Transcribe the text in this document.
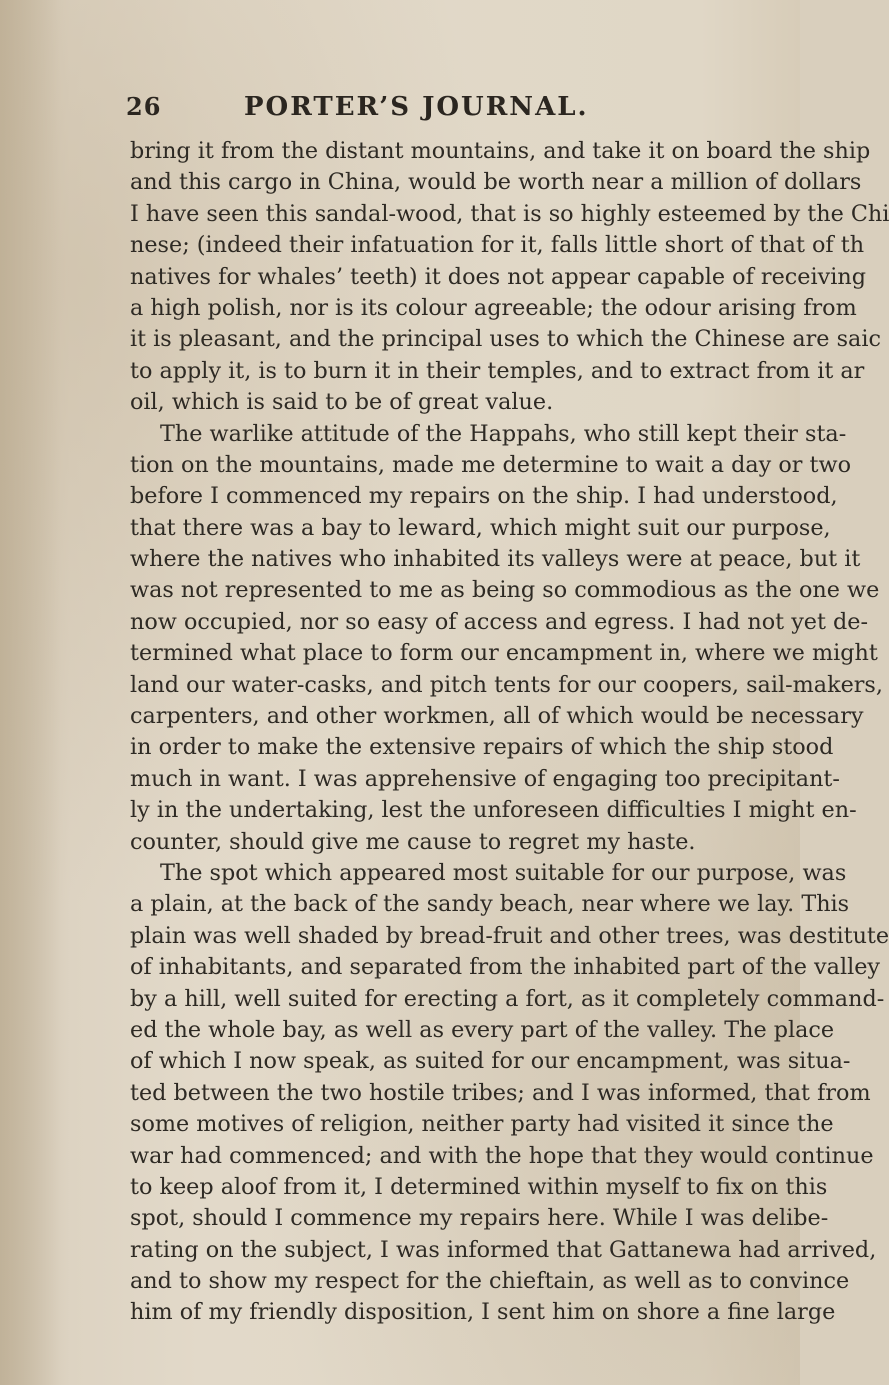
26	PORTER’S JOURNAL.
bring it from the distant mountains, and take it on board the ship
and this cargo in China, would be worth near a million of dollars
I have seen this sandal-wood, that is so highly esteemed by the Chi
nese; (indeed their infatuation for it, falls little short of that of th
natives for whales’ teeth) it does not appear capable of receiving
a high polish, nor is its colour agreeable; the odour arising from
it is pleasant, and the principal uses to which the Chinese are saic
to apply it, is to burn it in their temples, and to extract from it ar
oil, which is said to be of great value.
The warlike attitude of the Happahs, who still kept their sta-
tion on the mountains, made me determine to wait a day or two
before I commenced my repairs on the ship. I had understood,
that there was a bay to leward, which might suit our purpose,
where the natives who inhabited its valleys were at peace, but it
was not represented to me as being so commodious as the one we
now occupied, nor so easy of access and egress. I had not yet de-
termined what place to form our encampment in, where we might
land our water-casks, and pitch tents for our coopers, sail-makers,
carpenters, and other workmen, all of which would be necessary
in order to make the extensive repairs of which the ship stood
much in want. I was apprehensive of engaging too precipitant-
ly in the undertaking, lest the unforeseen difficulties I might en-
counter, should give me cause to regret my haste.
The spot which appeared most suitable for our purpose, was
a plain, at the back of the sandy beach, near where we lay. This
plain was well shaded by bread-fruit and other trees, was destitute
of inhabitants, and separated from the inhabited part of the valley
by a hill, well suited for erecting a fort, as it completely command-
ed the whole bay, as well as every part of the valley. The place
of which I now speak, as suited for our encampment, was situa-
ted between the two hostile tribes; and I was informed, that from
some motives of religion, neither party had visited it since the
war had commenced; and with the hope that they would continue
to keep aloof from it, I determined within myself to fix on this
spot, should I commence my repairs here. While I was delibe-
rating on the subject, I was informed that Gattanewa had arrived,
and to show my respect for the chieftain, as well as to convince
him of my friendly disposition, I sent him on shore a fine large
